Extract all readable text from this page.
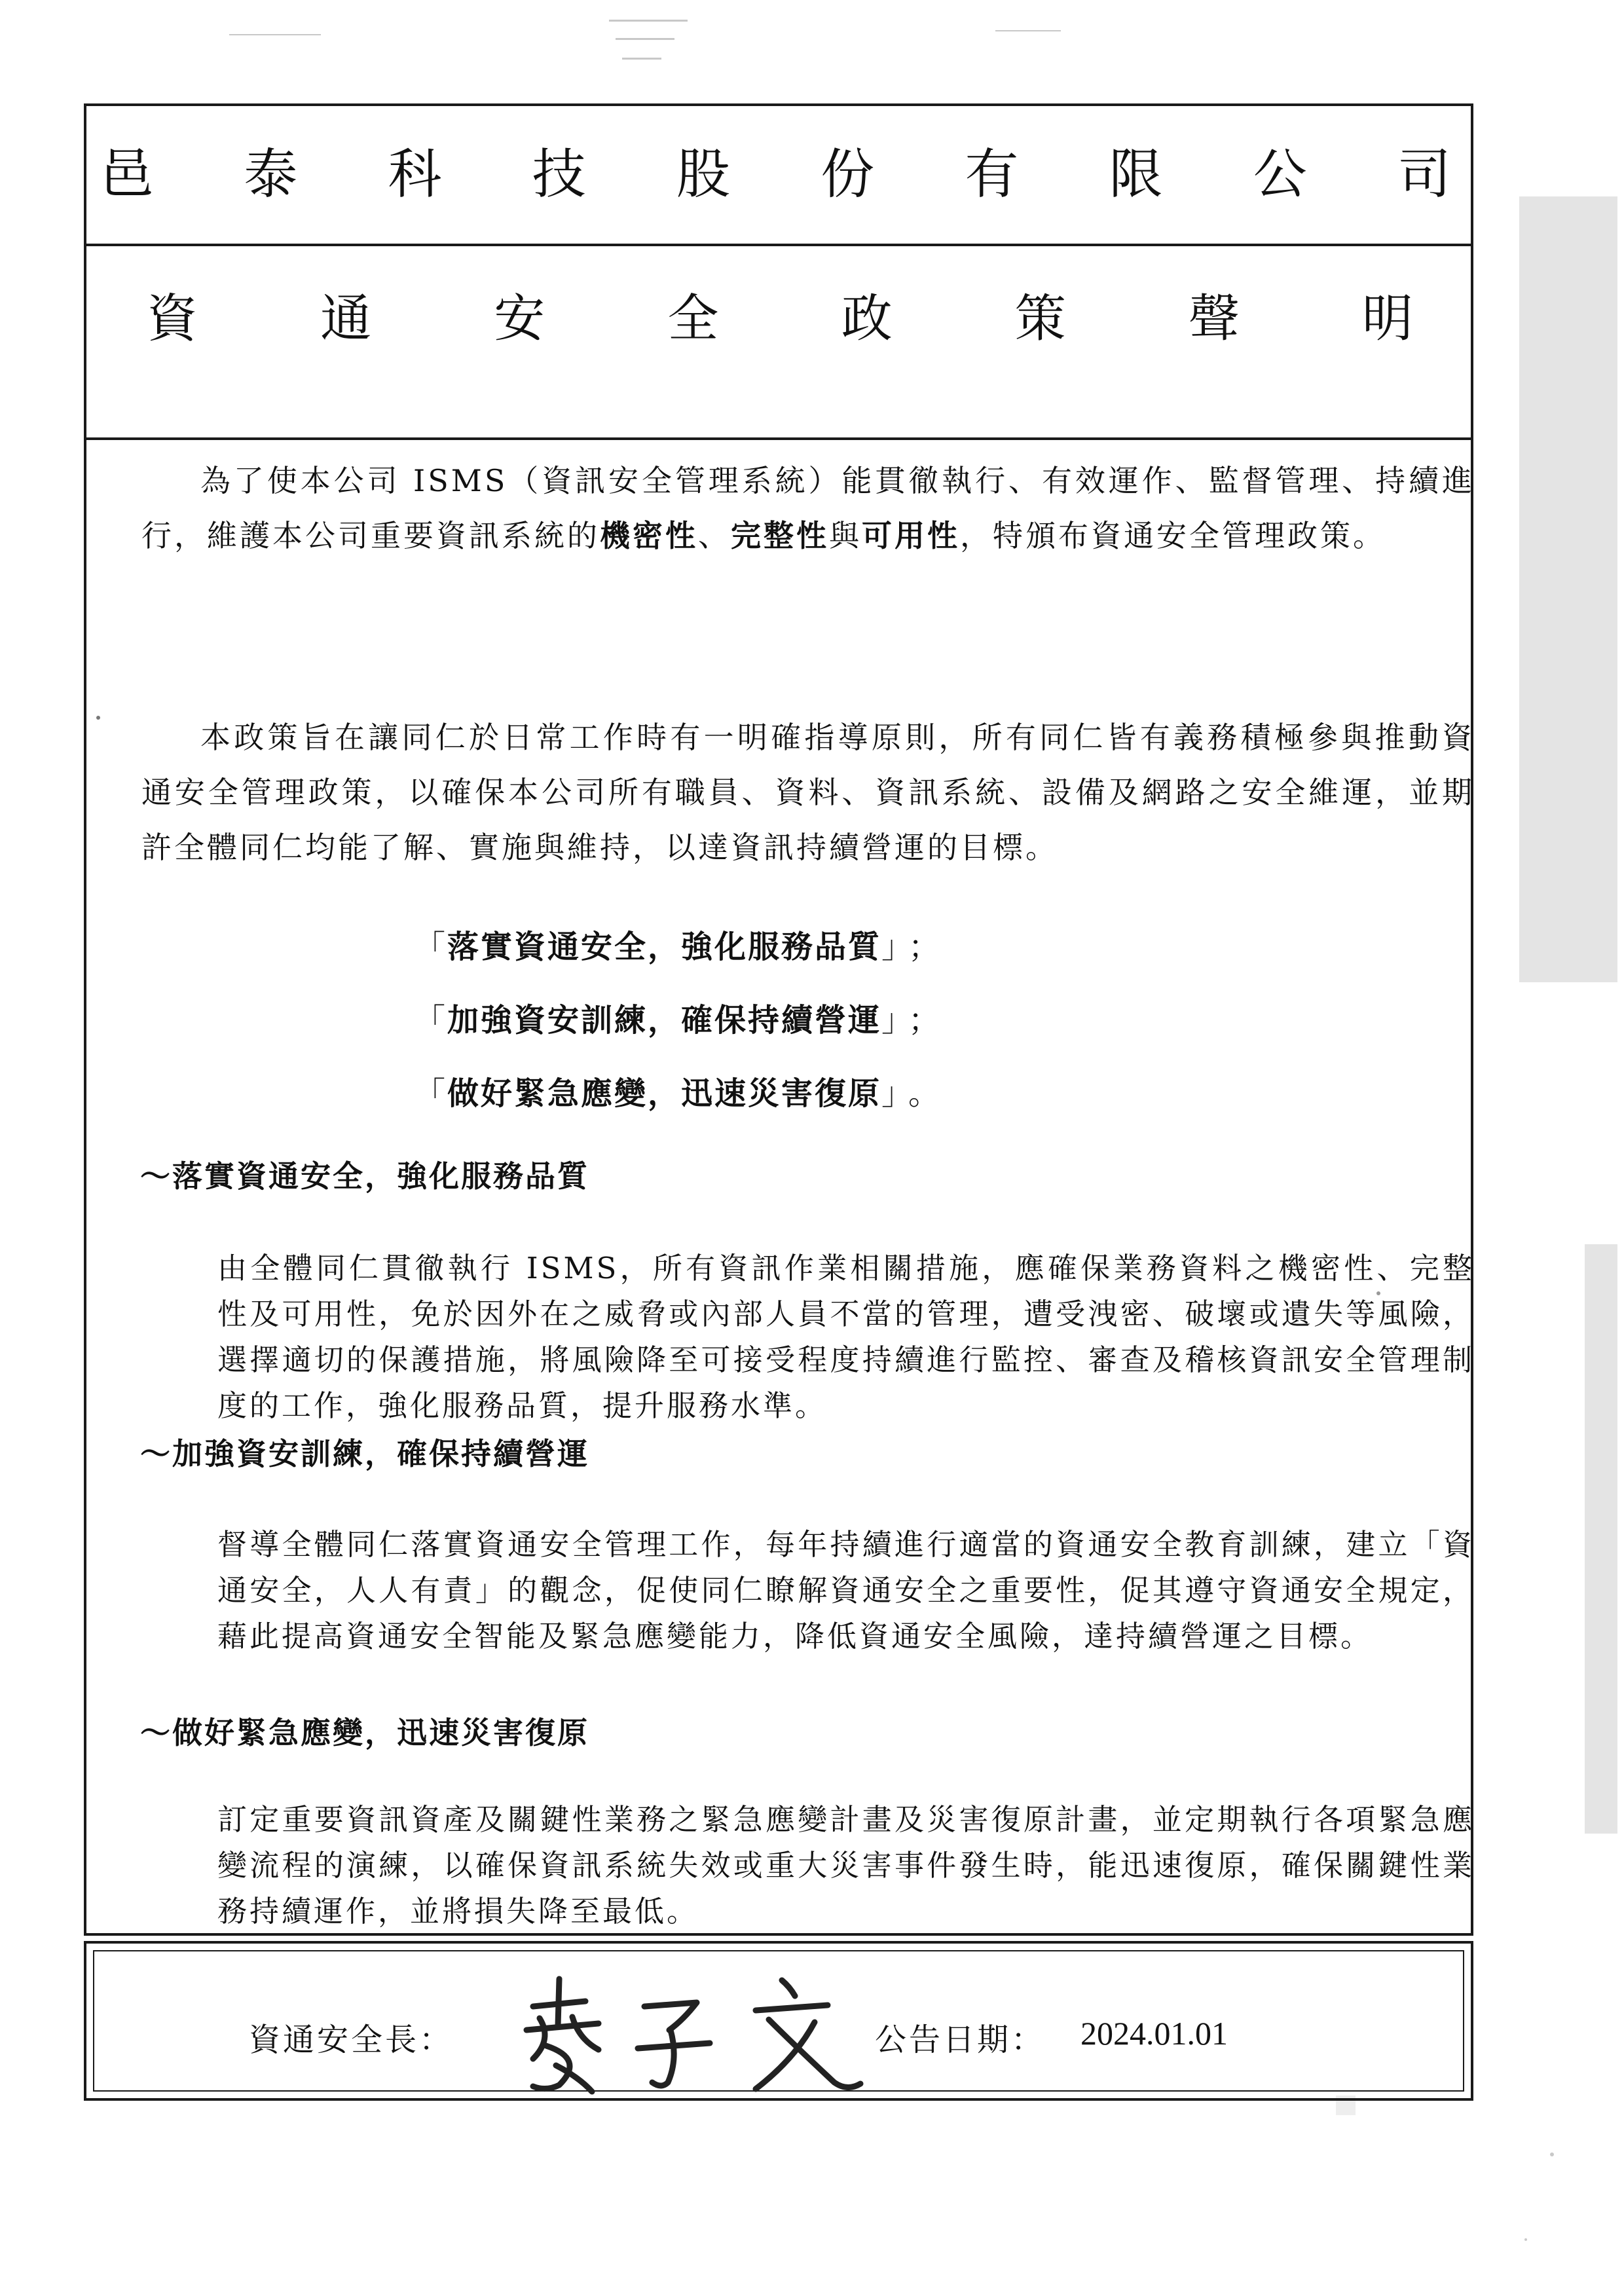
邑 泰 科 技 股 份 有 限 公 司
資 通 安 全 政 策 聲 明

為了使本公司 ISMS（資訊安全管理系統）能貫徹執行、有效運作、監督管理、持續進行，維護本公司重要資訊系統的機密性、完整性與可用性，特頒布資通安全管理政策。

本政策旨在讓同仁於日常工作時有一明確指導原則，所有同仁皆有義務積極參與推動資通安全管理政策，以確保本公司所有職員、資料、資訊系統、設備及網路之安全維運，並期許全體同仁均能了解、實施與維持，以達資訊持續營運的目標。

「落實資通安全，強化服務品質」 ；
「加強資安訓練，確保持續營運」 ；
「做好緊急應變，迅速災害復原」 。
～落實資通安全，強化服務品質

由全體同仁貫徹執行 ISMS，所有資訊作業相關措施，應確保業務資料之機密性、完整性及可用性，免於因外在之威脅或內部人員不當的管理，遭受洩密、破壞或遺失等風險，選擇適切的保護措施，將風險降至可接受程度持續進行監控、審查及稽核資訊安全管理制度的工作，強化服務品質，提升服務水準。

～加強資安訓練，確保持續營運

督導全體同仁落實資通安全管理工作，每年持續進行適當的資通安全教育訓練，建立「資通安全，人人有責」的觀念，促使同仁瞭解資通安全之重要性，促其遵守資通安全規定，藉此提高資通安全智能及緊急應變能力，降低資通安全風險，達持續營運之目標。

～做好緊急應變，迅速災害復原

訂定重要資訊資產及關鍵性業務之緊急應變計畫及災害復原計畫，並定期執行各項緊急應變流程的演練，以確保資訊系統失效或重大災害事件發生時，能迅速復原，確保關鍵性業務持續運作，並將損失降至最低。

資通安全長：	公告日期： 2024.01.01
